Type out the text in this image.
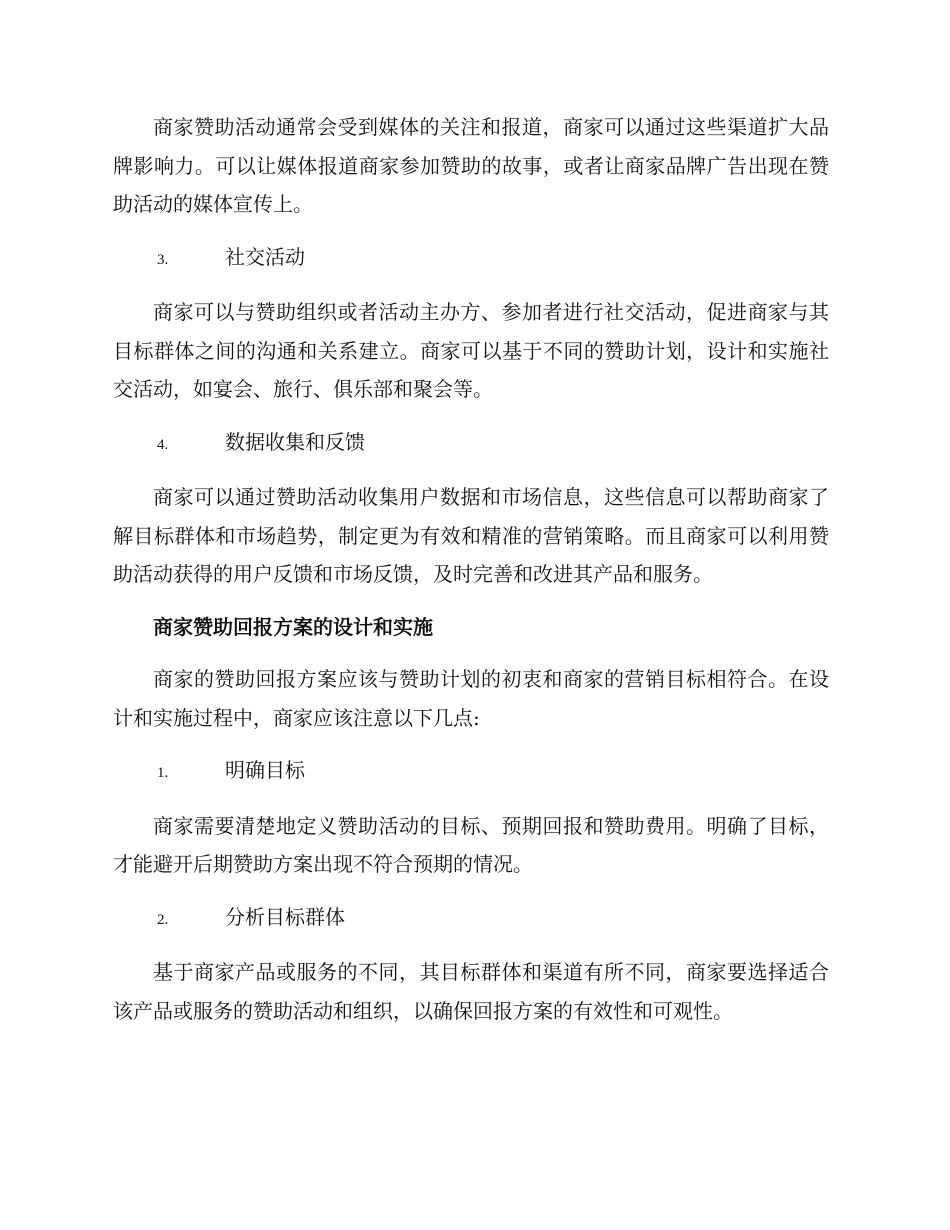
商家赞助活动通常会受到媒体的关注和报道，商家可以通过这些渠道扩大品牌影响力。可以让媒体报道商家参加赞助的故事，或者让商家品牌广告出现在赞助活动的媒体宣传上。

3.	社交活动

商家可以与赞助组织或者活动主办方、参加者进行社交活动，促进商家与其目标群体之间的沟通和关系建立。商家可以基于不同的赞助计划，设计和实施社交活动，如宴会、旅行、俱乐部和聚会等。

4.	数据收集和反馈

商家可以通过赞助活动收集用户数据和市场信息，这些信息可以帮助商家了解目标群体和市场趋势，制定更为有效和精准的营销策略。而且商家可以利用赞助活动获得的用户反馈和市场反馈，及时完善和改进其产品和服务。

商家赞助回报方案的设计和实施

商家的赞助回报方案应该与赞助计划的初衷和商家的营销目标相符合。在设计和实施过程中，商家应该注意以下几点:

1.	明确目标

商家需要清楚地定义赞助活动的目标、预期回报和赞助费用。明确了目标，才能避开后期赞助方案出现不符合预期的情况。

2.	分析目标群体

基于商家产品或服务的不同，其目标群体和渠道有所不同，商家要选择适合该产品或服务的赞助活动和组织，以确保回报方案的有效性和可观性。
